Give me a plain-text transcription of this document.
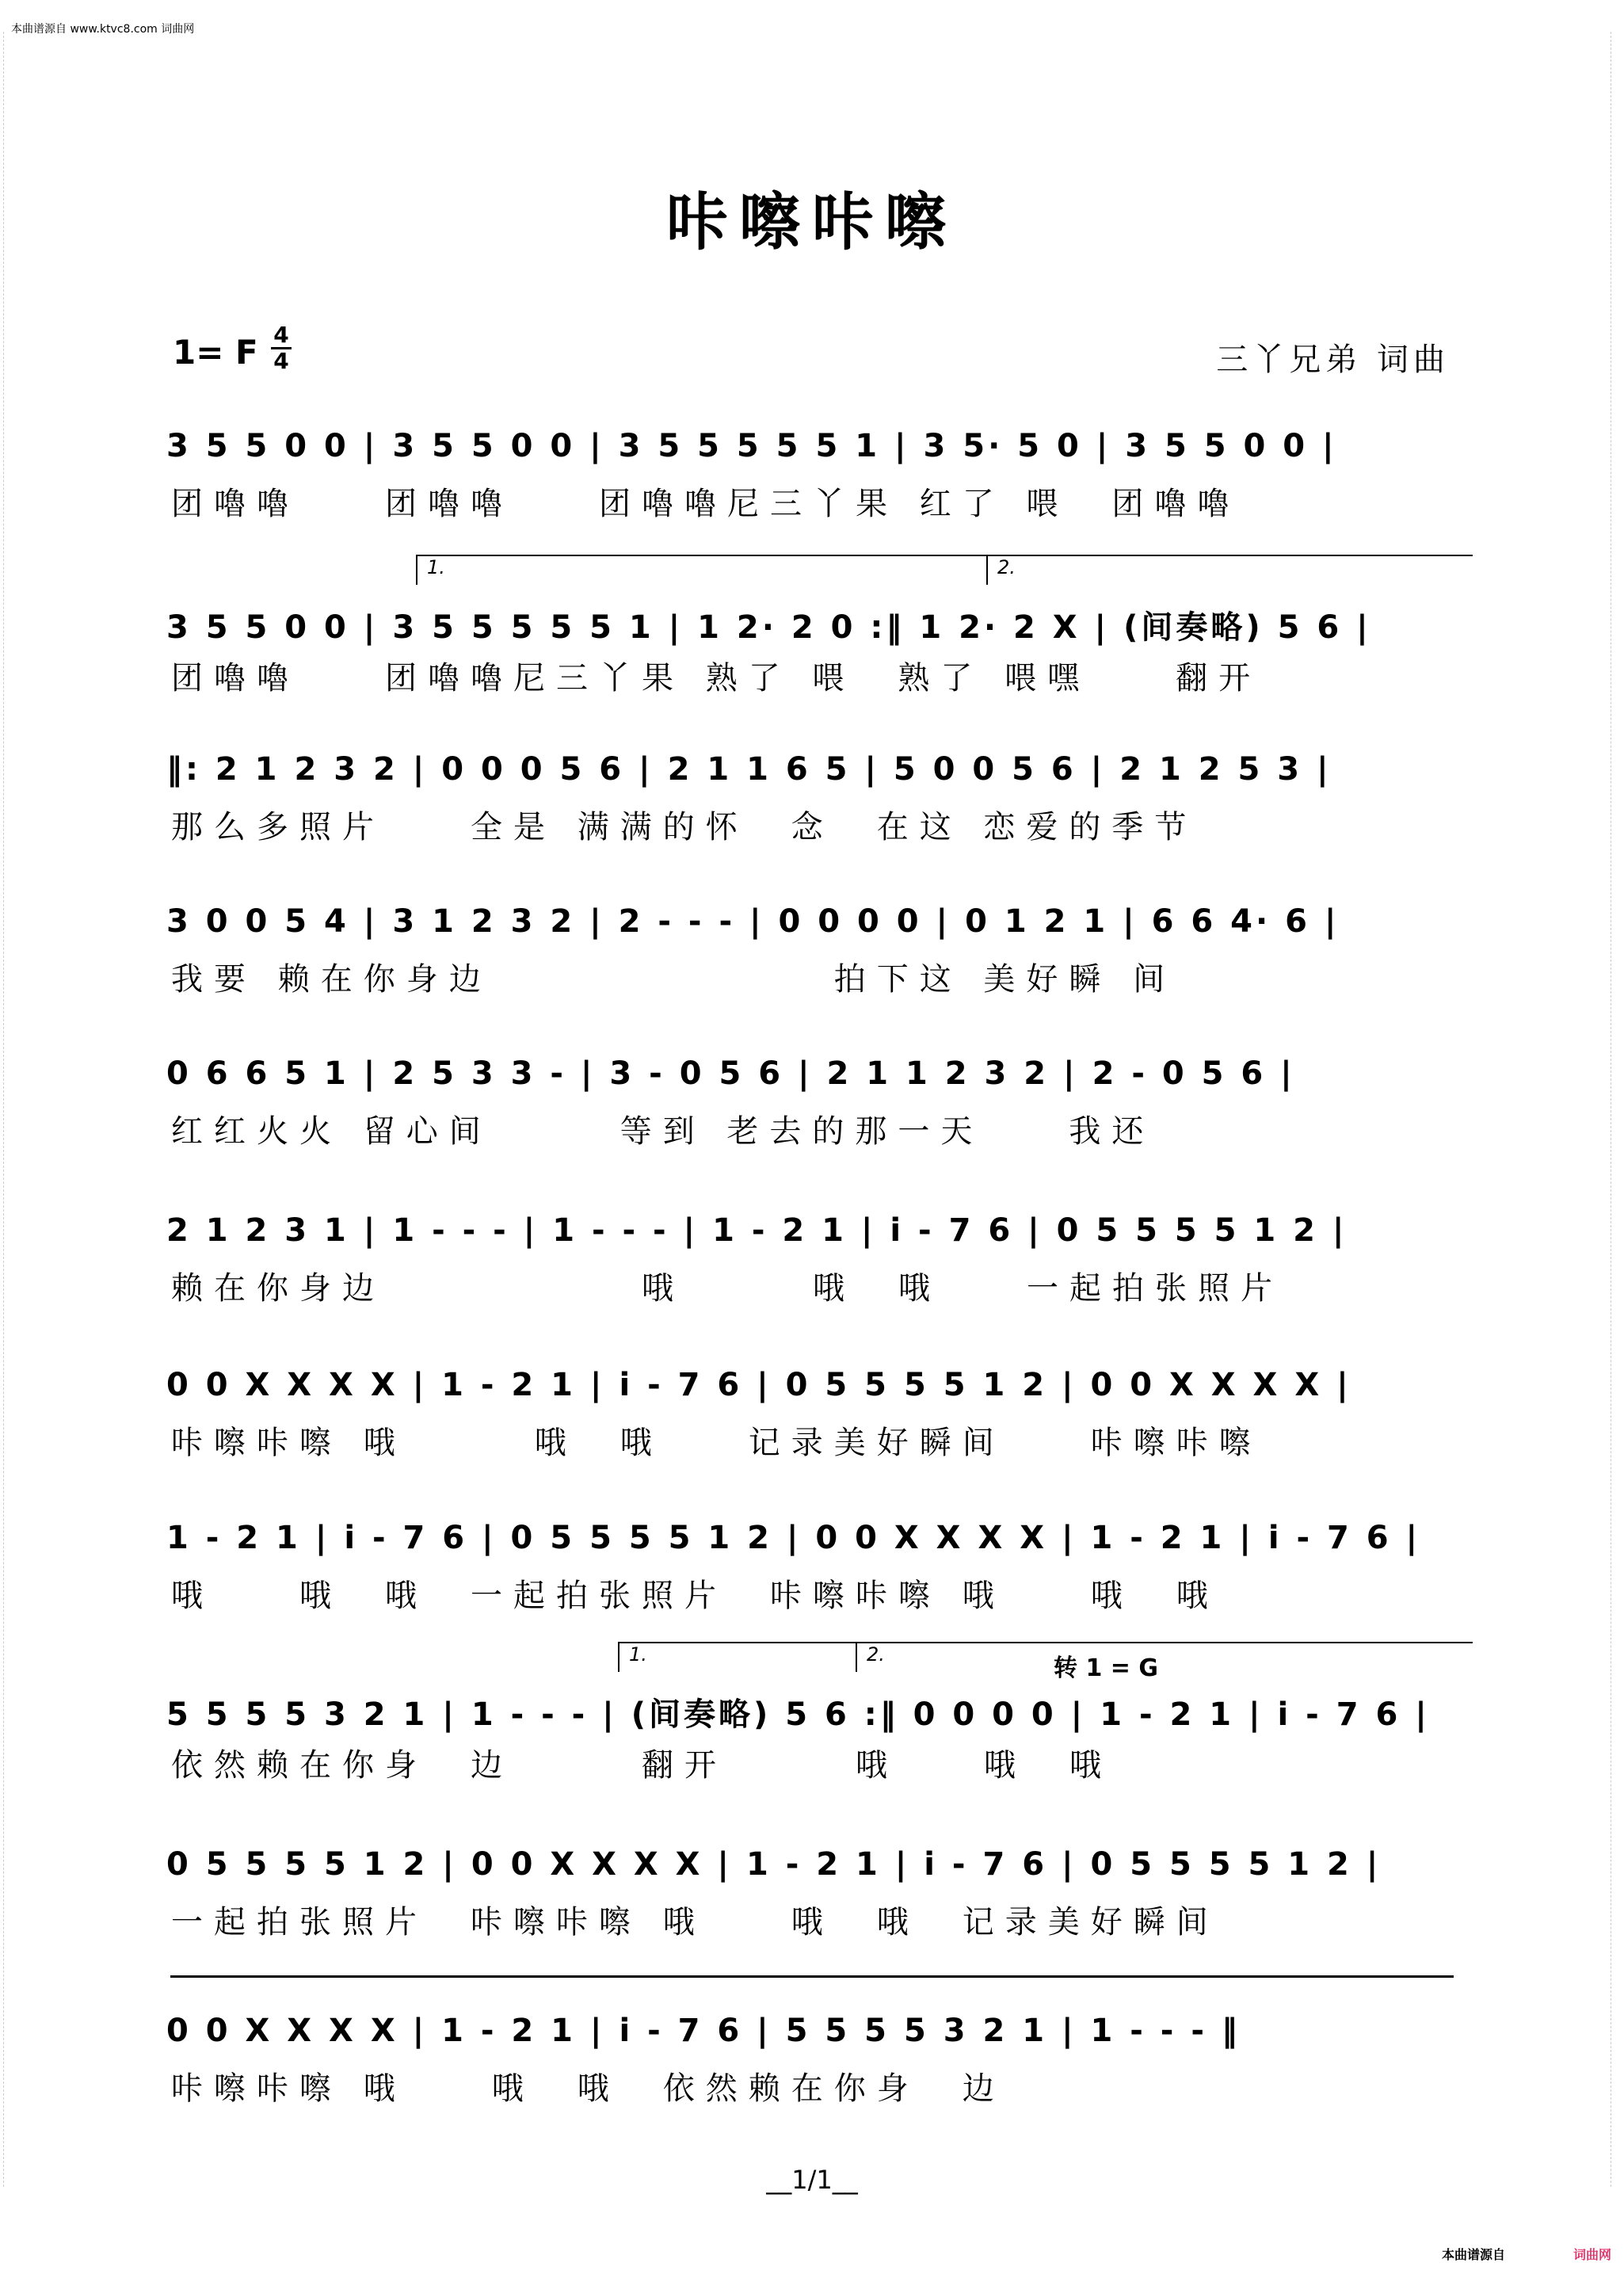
本曲谱源自 www.ktvc8.com 词曲网
咔嚓咔嚓
1= F 4
4	三丫兄弟 词曲
3 5 5 0 0 | 3 5 5 0 0 | 3 5 5 5 5 5 1 | 3 5· 5 0 | 3 5 5 0 0 |
团嚕嚕　　团嚕嚕　　团嚕嚕尼三丫果 红了 喂　团嚕嚕
1.	2.
3 5 5 0 0 | 3 5 5 5 5 5 1 | 1 2· 2 0 :‖ 1 2· 2 X | (间奏略) 5 6 |
团嚕嚕　　团嚕嚕尼三丫果 熟了 喂　熟了 喂嘿　　翻开
‖: 2 1 2 3 2 | 0 0 0 5 6 | 2 1 1 6 5 | 5 0 0 5 6 | 2 1 2 5 3 |
那么多照片　　全是 满满的怀　念　在这 恋爱的季节
3 0 0 5 4 | 3 1 2 3 2 | 2 - - - | 0 0 0 0 | 0 1 2 1 | 6 6 4· 6 |
我要 赖在你身边　　　　　　　　拍下这 美好瞬 间
0 6 6 5 1 | 2 5 3 3 - | 3 - 0 5 6 | 2 1 1 2 3 2 | 2 - 0 5 6 |
红红火火 留心间　　　等到 老去的那一天　　我还
2 1 2 3 1 | 1 - - - | 1 - - - | 1 - 2 1 | i - 7 6 | 0 5 5 5 5 1 2 |
赖在你身边　　　　　　哦　　　哦　哦　　一起拍张照片
0 0 X X X X | 1 - 2 1 | i - 7 6 | 0 5 5 5 5 1 2 | 0 0 X X X X |
咔嚓咔嚓 哦　　　哦　哦　　记录美好瞬间　　咔嚓咔嚓
1 - 2 1 | i - 7 6 | 0 5 5 5 5 1 2 | 0 0 X X X X | 1 - 2 1 | i - 7 6 |
哦　　哦　哦　一起拍张照片　咔嚓咔嚓 哦　　哦　哦
1.	2.	转 1 = G
5 5 5 5 3 2 1 | 1 - - - | (间奏略) 5 6 :‖ 0 0 0 0 | 1 - 2 1 | i - 7 6 |
依然赖在你身　边　　　翻开　　　哦　　哦　哦
0 5 5 5 5 1 2 | 0 0 X X X X | 1 - 2 1 | i - 7 6 | 0 5 5 5 5 1 2 |
一起拍张照片　咔嚓咔嚓 哦　　哦　哦　记录美好瞬间
0 0 X X X X | 1 - 2 1 | i - 7 6 | 5 5 5 5 3 2 1 | 1 - - - ‖
咔嚓咔嚓 哦　　哦　哦　依然赖在你身　边
__1/1__
本曲谱源自	词曲网
